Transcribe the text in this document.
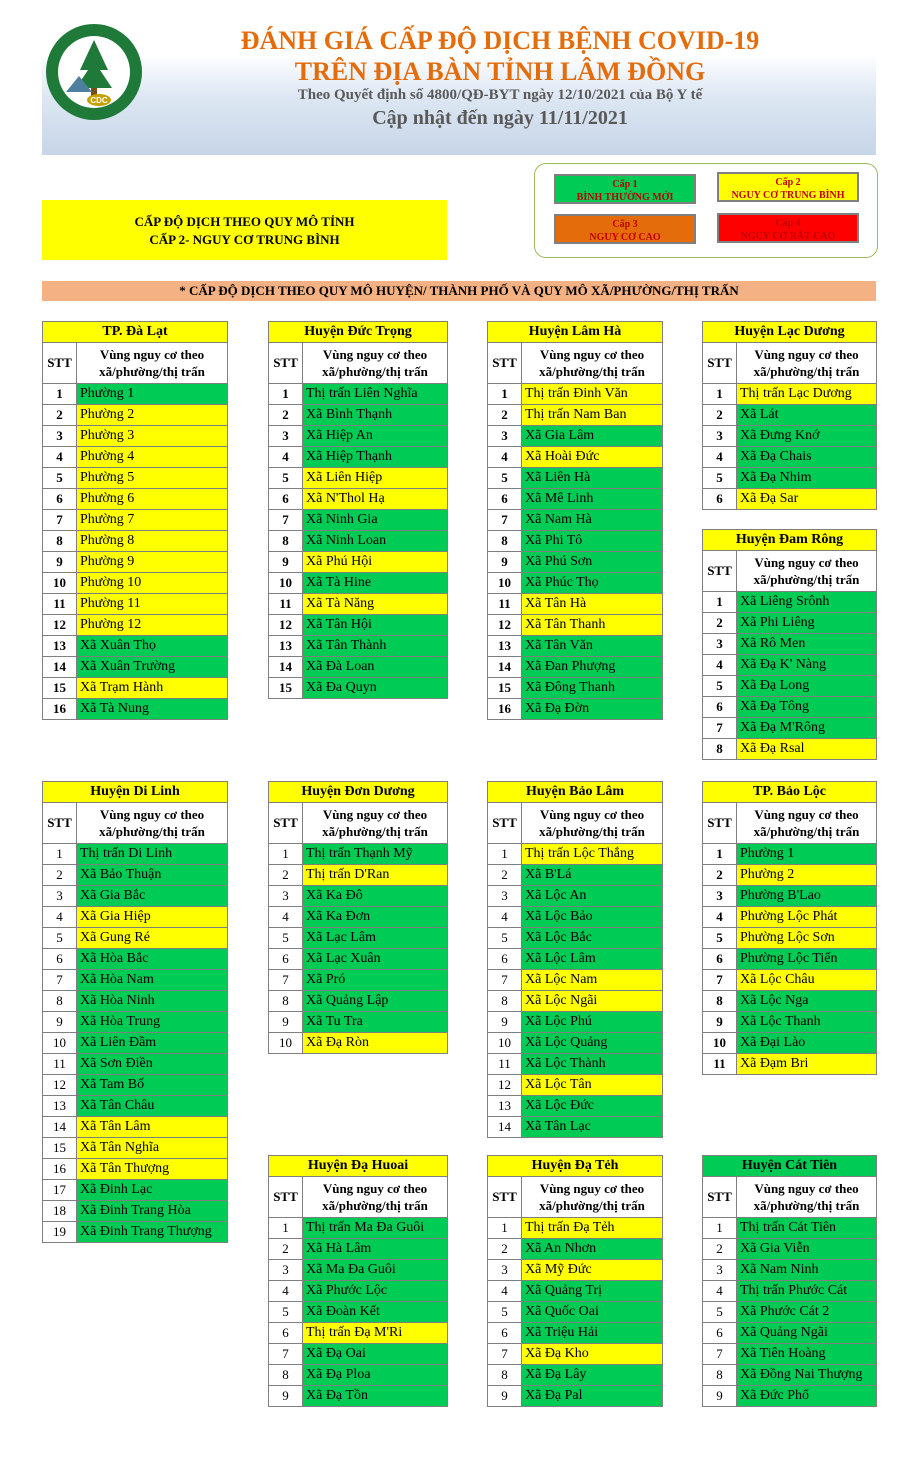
CDC
ĐÁNH GIÁ CẤP ĐỘ DỊCH BỆNH COVID-19
TRÊN ĐỊA BÀN TỈNH LÂM ĐỒNG
Theo Quyết định số 4800/QĐ-BYT ngày 12/10/2021 của Bộ Y tế
Cập nhật đến ngày 11/11/2021
Cấp 1
BÌNH THƯỜNG MỚI
Cấp 2
NGUY CƠ TRUNG BÌNH
Cấp 3
NGUY CƠ CAO
Cấp 4
NGUY CƠ RẤT CAO
CẤP ĐỘ DỊCH THEO QUY MÔ TỈNH
CẤP 2- NGUY CƠ TRUNG BÌNH
* CẤP ĐỘ DỊCH THEO QUY MÔ HUYỆN/ THÀNH PHỐ VÀ QUY MÔ XÃ/PHƯỜNG/THỊ TRẤN
TP. Đà Lạt	
STT	Vùng nguy cơ theo
xã/phường/thị trấn

1	Phường 1
2	Phường 2
3	Phường 3
4	Phường 4
5	Phường 5
6	Phường 6
7	Phường 7
8	Phường 8
9	Phường 9
10	Phường 10
11	Phường 11
12	Phường 12
13	Xã Xuân Thọ
14	Xã Xuân Trường
15	Xã Trạm Hành
16	Xã Tà Nung
Huyện Đức Trọng	
STT	Vùng nguy cơ theo
xã/phường/thị trấn

1	Thị trấn Liên Nghĩa
2	Xã Bình Thạnh
3	Xã Hiệp An
4	Xã Hiệp Thạnh
5	Xã Liên Hiệp
6	Xã N'Thol Hạ
7	Xã Ninh Gia
8	Xã Ninh Loan
9	Xã Phú Hội
10	Xã Tà Hine
11	Xã Tà Năng
12	Xã Tân Hội
13	Xã Tân Thành
14	Xã Đà Loan
15	Xã Đa Quyn
Huyện Lâm Hà	
STT	Vùng nguy cơ theo
xã/phường/thị trấn

1	Thị trấn Đinh Văn
2	Thị trấn Nam Ban
3	Xã Gia Lâm
4	Xã Hoài Đức
5	Xã Liên Hà
6	Xã Mê Linh
7	Xã Nam Hà
8	Xã Phi Tô
9	Xã Phú Sơn
10	Xã Phúc Thọ
11	Xã Tân Hà
12	Xã Tân Thanh
13	Xã Tân Văn
14	Xã Đan Phượng
15	Xã Đông Thanh
16	Xã Đạ Đờn
Huyện Lạc Dương	
STT	Vùng nguy cơ theo
xã/phường/thị trấn

1	Thị trấn Lạc Dương
2	Xã Lát
3	Xã Đưng Knớ
4	Xã Đạ Chais
5	Xã Đạ Nhim
6	Xã Đạ Sar
Huyện Đam Rông	
STT	Vùng nguy cơ theo
xã/phường/thị trấn

1	Xã Liêng Srônh
2	Xã Phi Liêng
3	Xã Rô Men
4	Xã Đạ K' Nàng
5	Xã Đạ Long
6	Xã Đạ Tông
7	Xã Đạ M'Rông
8	Xã Đạ Rsal
Huyện Di Linh	
STT	Vùng nguy cơ theo
xã/phường/thị trấn

1	Thị trấn Di Linh
2	Xã Bảo Thuận
3	Xã Gia Bắc
4	Xã Gia Hiệp
5	Xã Gung Ré
6	Xã Hòa Bắc
7	Xã Hòa Nam
8	Xã Hòa Ninh
9	Xã Hòa Trung
10	Xã Liên Đầm
11	Xã Sơn Điền
12	Xã Tam Bố
13	Xã Tân Châu
14	Xã Tân Lâm
15	Xã Tân Nghĩa
16	Xã Tân Thượng
17	Xã Đinh Lạc
18	Xã Đinh Trang Hòa
19	Xã Đinh Trang Thượng
Huyện Đơn Dương	
STT	Vùng nguy cơ theo
xã/phường/thị trấn

1	Thị trấn Thạnh Mỹ
2	Thị trấn D'Ran
3	Xã Ka Đô
4	Xã Ka Đơn
5	Xã Lạc Lâm
6	Xã Lạc Xuân
7	Xã Pró
8	Xã Quảng Lập
9	Xã Tu Tra
10	Xã Đạ Ròn
Huyện Bảo Lâm	
STT	Vùng nguy cơ theo
xã/phường/thị trấn

1	Thị trấn Lộc Thắng
2	Xã B'Lá
3	Xã Lộc An
4	Xã Lộc Bảo
5	Xã Lộc Bắc
6	Xã Lộc Lâm
7	Xã Lộc Nam
8	Xã Lộc Ngãi
9	Xã Lộc Phú
10	Xã Lộc Quảng
11	Xã Lộc Thành
12	Xã Lộc Tân
13	Xã Lộc Đức
14	Xã Tân Lạc
TP. Bảo Lộc	
STT	Vùng nguy cơ theo
xã/phường/thị trấn

1	Phường 1
2	Phường 2
3	Phường B'Lao
4	Phường Lộc Phát
5	Phường Lộc Sơn
6	Phường Lộc Tiến
7	Xã Lộc Châu
8	Xã Lộc Nga
9	Xã Lộc Thanh
10	Xã Đại Lào
11	Xã Đạm Bri
Huyện Đạ Huoai	
STT	Vùng nguy cơ theo
xã/phường/thị trấn

1	Thị trấn Ma Đa Guôi
2	Xã Hà Lâm
3	Xã Ma Đa Guôi
4	Xã Phước Lộc
5	Xã Đoàn Kết
6	Thị trấn Đạ M'Ri
7	Xã Đạ Oai
8	Xã Đạ Ploa
9	Xã Đạ Tồn
Huyện Đạ Tẻh	
STT	Vùng nguy cơ theo
xã/phường/thị trấn

1	Thị trấn Đạ Tẻh
2	Xã An Nhơn
3	Xã Mỹ Đức
4	Xã Quảng Trị
5	Xã Quốc Oai
6	Xã Triệu Hải
7	Xã Đạ Kho
8	Xã Đạ Lây
9	Xã Đạ Pal
Huyện Cát Tiên	
STT	Vùng nguy cơ theo
xã/phường/thị trấn

1	Thị trấn Cát Tiên
2	Xã Gia Viễn
3	Xã Nam Ninh
4	Thị trấn Phước Cát
5	Xã Phước Cát 2
6	Xã Quảng Ngãi
7	Xã Tiên Hoàng
8	Xã Đồng Nai Thượng
9	Xã Đức Phổ
